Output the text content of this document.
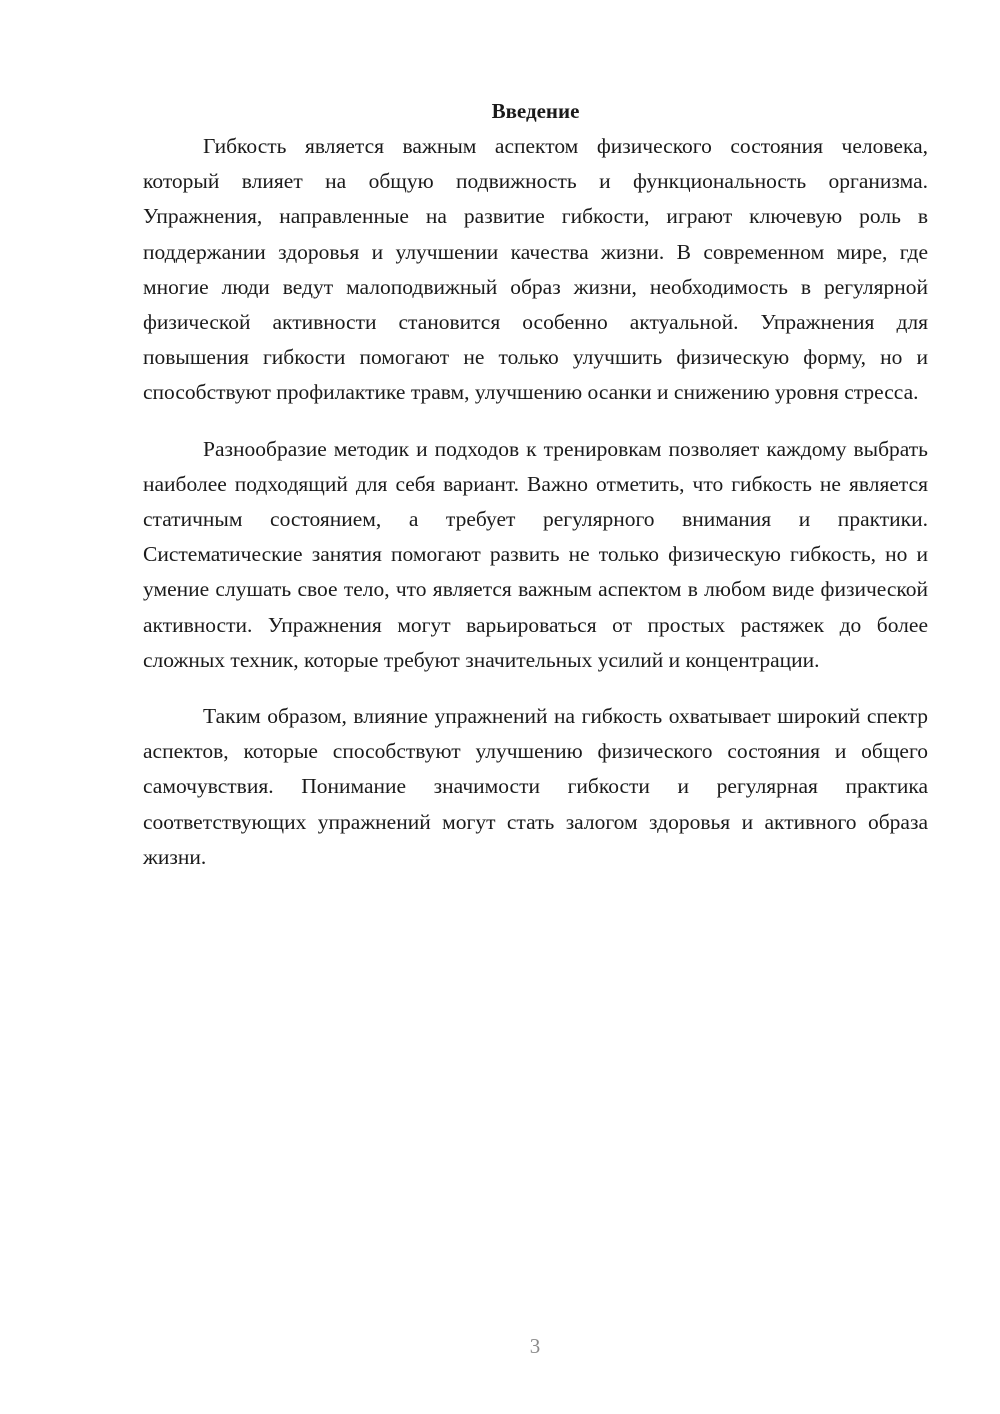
Введение

Гибкость является важным аспектом физического состояния человека, который влияет на общую подвижность и функциональность организма. Упражнения, направленные на развитие гибкости, играют ключевую роль в поддержании здоровья и улучшении качества жизни. В современном мире, где многие люди ведут малоподвижный образ жизни, необходимость в регулярной физической активности становится особенно актуальной. Упражнения для повышения гибкости помогают не только улучшить физическую форму, но и способствуют профилактике травм, улучшению осанки и снижению уровня стресса.

Разнообразие методик и подходов к тренировкам позволяет каждому выбрать наиболее подходящий для себя вариант. Важно отметить, что гибкость не является статичным состоянием, а требует регулярного внимания и практики. Систематические занятия помогают развить не только физическую гибкость, но и умение слушать свое тело, что является важным аспектом в любом виде физической активности. Упражнения могут варьироваться от простых растяжек до более сложных техник, которые требуют значительных усилий и концентрации.

Таким образом, влияние упражнений на гибкость охватывает широкий спектр аспектов, которые способствуют улучшению физического состояния и общего самочувствия. Понимание значимости гибкости и регулярная практика соответствующих упражнений могут стать залогом здоровья и активного образа жизни.

3
